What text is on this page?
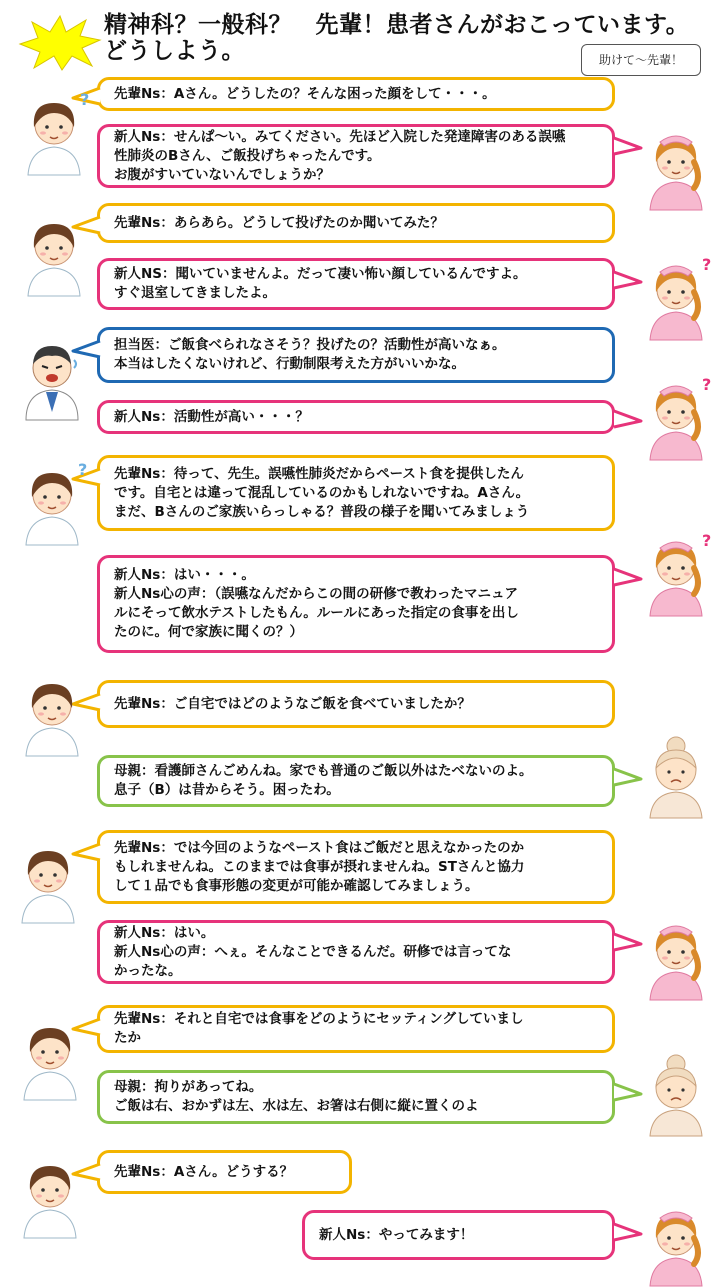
精神科？一般科？　先輩！患者さんがおこっています。
どうしよう。	助けて〜先輩！
先輩Ns：Aさん。どうしたの？そんな困った顔をして・・・。
?
新人Ns：せんぱ〜い。みてください。先ほど入院した発達障害のある誤嚥
性肺炎のBさん、ご飯投げちゃったんです。
お腹がすいていないんでしょうか？
先輩Ns：あらあら。どうして投げたのか聞いてみた？
新人NS：聞いていませんよ。だって凄い怖い顔しているんですよ。
すぐ退室してきましたよ。
?
担当医：ご飯食べられなさそう？投げたの？活動性が高いなぁ。
本当はしたくないけれど、行動制限考えた方がいいかな。
新人Ns：活動性が高い・・・？
?
先輩Ns：待って、先生。誤嚥性肺炎だからペースト食を提供したん
です。自宅とは違って混乱しているのかもしれないですね。Aさん。
まだ、Bさんのご家族いらっしゃる？普段の様子を聞いてみましょう
?
新人Ns：はい・・・。
新人Ns心の声：（誤嚥なんだからこの間の研修で教わったマニュア
ルにそって飲水テストしたもん。ルールにあった指定の食事を出し
たのに。何で家族に聞くの？）
?
先輩Ns：ご自宅ではどのようなご飯を食べていましたか？
母親：看護師さんごめんね。家でも普通のご飯以外はたべないのよ。
息子（B）は昔からそう。困ったわ。
先輩Ns：では今回のようなペースト食はご飯だと思えなかったのか
もしれませんね。このままでは食事が摂れませんね。STさんと協力
して１品でも食事形態の変更が可能か確認してみましょう。
新人Ns：はい。
新人Ns心の声：へぇ。そんなことできるんだ。研修では言ってな
かったな。
先輩Ns：それと自宅では食事をどのようにセッティングしていまし
たか
母親：拘りがあってね。
ご飯は右、おかずは左、水は左、お箸は右側に縦に置くのよ
先輩Ns：Aさん。どうする？
新人Ns：やってみます！
